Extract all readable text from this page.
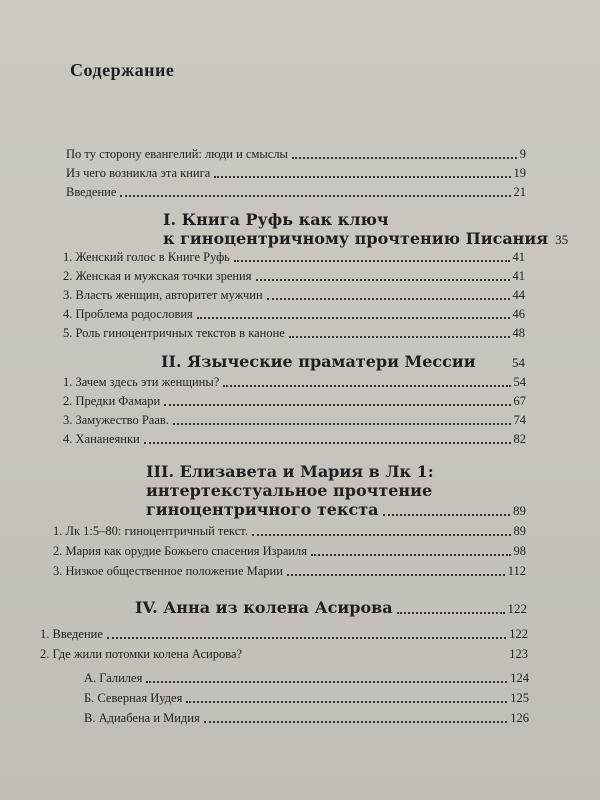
Содержание
По ту сторону евангелий: люди и смыслы	9
Из чего возникла эта книга	19
Введение	21
I. Книга Руфь как ключ
к гиноцентричному прочтению Писания 35
1. Женский голос в Книге Руфь	41
2. Женская и мужская точки зрения	41
3. Власть женщин, авторитет мужчин	44
4. Проблема родословия	46
5. Роль гиноцентричных текстов в каноне	48
II. Языческие праматери Мессии	54
1. Зачем здесь эти женщины?	54
2. Предки Фамари	67
3. Замужество Раав.	74
4. Хананеянки	82
III. Елизавета и Мария в Лк 1:
интертекстуальное прочтение
гиноцентричного текста	89
1. Лк 1:5–80: гиноцентричный текст.	89
2. Мария как орудие Божьего спасения Израиля	98
3. Низкое общественное положение Марии	112
IV. Анна из колена Асирова	122
1. Введение	122
2. Где жили потомки колена Асирова?	123
А. Галилея	124
Б. Северная Иудея	125
В. Адиабена и Мидия	126
